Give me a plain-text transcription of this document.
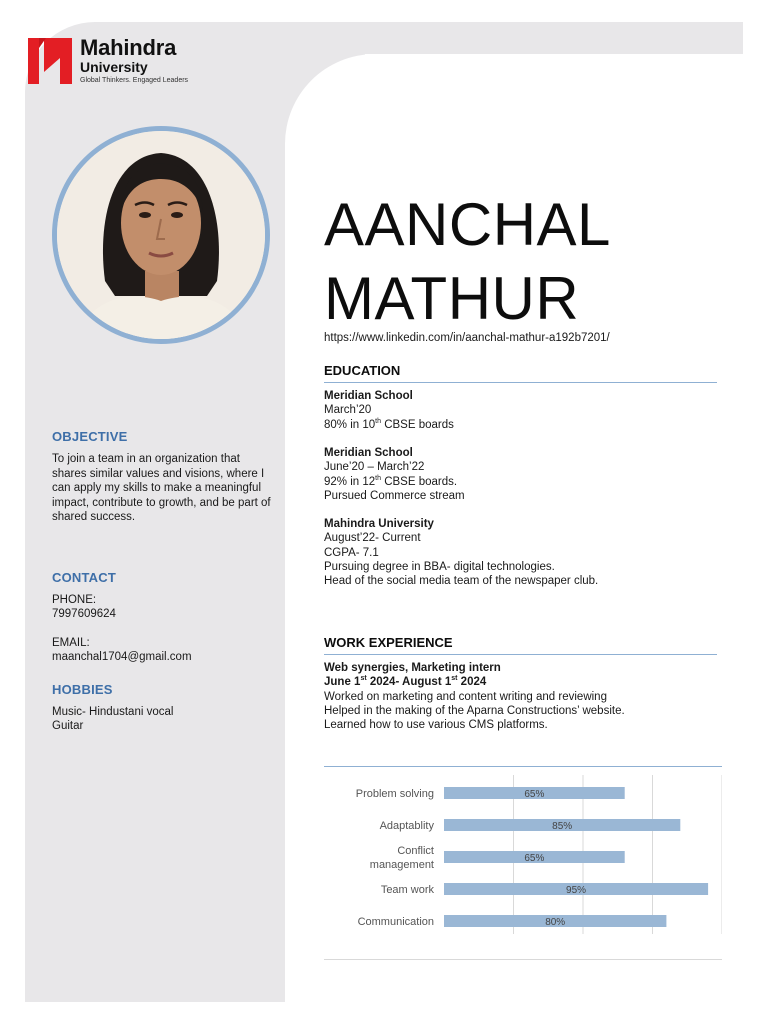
Mahindra
University
Global Thinkers. Engaged Leaders
OBJECTIVE
To join a team in an organization that shares similar values and visions, where I can apply my skills to make a meaningful impact, contribute to growth, and be part of shared success.
CONTACT
PHONE:
7997609624
EMAIL:
maanchal1704@gmail.com
HOBBIES
Music- Hindustani vocal
Guitar
AANCHAL
MATHUR
https://www.linkedin.com/in/aanchal-mathur-a192b7201/
EDUCATION
Meridian School
March’20
80% in 10th CBSE boards
Meridian School
June’20 – March’22
92% in 12th CBSE boards.
Pursued Commerce stream
Mahindra University
August’22- Current
CGPA- 7.1
Pursuing degree in BBA- digital technologies.
Head of the social media team of the newspaper club.
WORK EXPERIENCE
Web synergies, Marketing intern
June 1st 2024- August 1st 2024
Worked on marketing and content writing and reviewing
Helped in the making of the Aparna Constructions’ website.
Learned how to use various CMS platforms.
Problem solving	65%
Adaptablity	85%
Conflict management
65%
Team work	95%
Communication	80%
